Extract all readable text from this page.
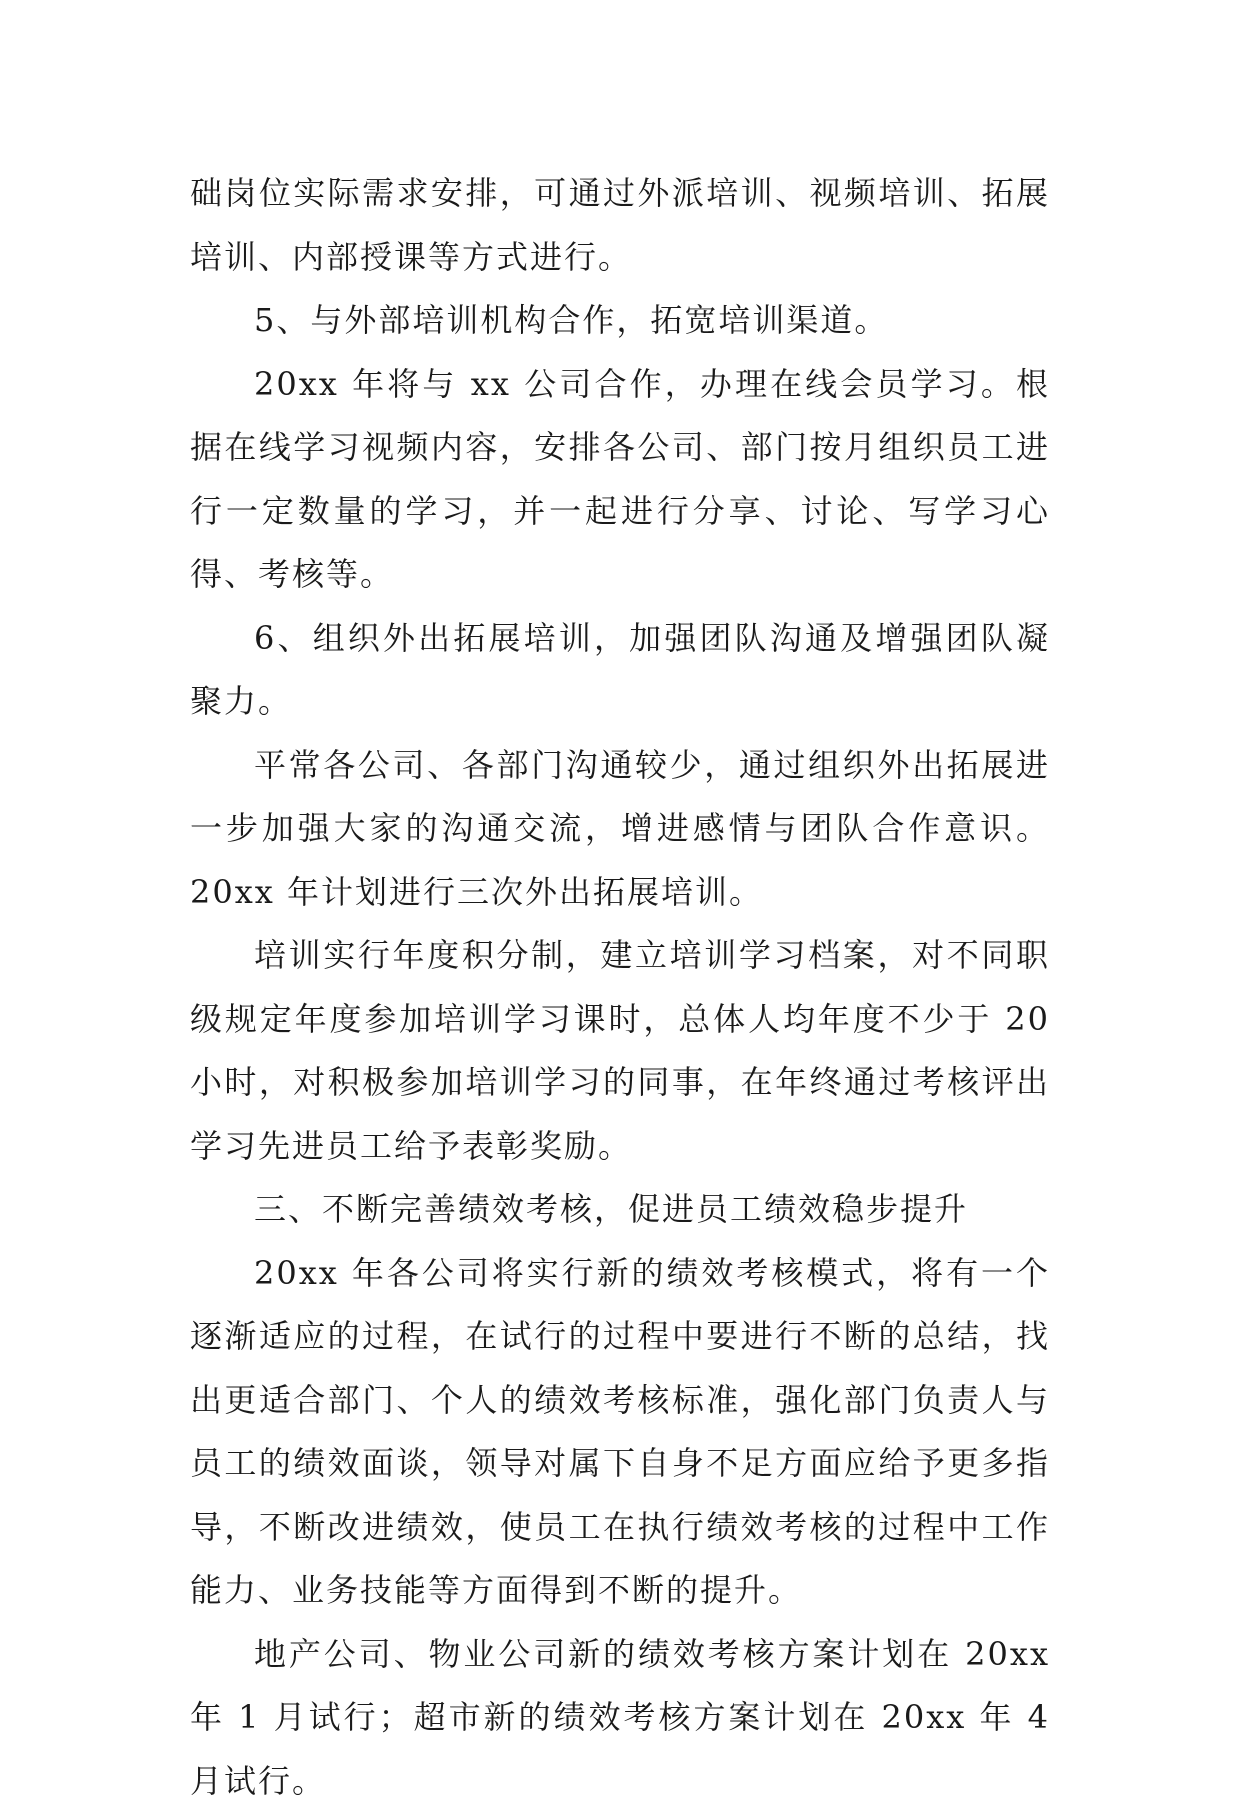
础岗位实际需求安排，可通过外派培训、视频培训、拓展培训、内部授课等方式进行。

5、与外部培训机构合作，拓宽培训渠道。

20xx 年将与 xx 公司合作，办理在线会员学习。根据在线学习视频内容，安排各公司、部门按月组织员工进行一定数量的学习，并一起进行分享、讨论、写学习心得、考核等。

6、组织外出拓展培训，加强团队沟通及增强团队凝聚力。

平常各公司、各部门沟通较少，通过组织外出拓展进一步加强大家的沟通交流，增进感情与团队合作意识。20xx 年计划进行三次外出拓展培训。

培训实行年度积分制，建立培训学习档案，对不同职级规定年度参加培训学习课时，总体人均年度不少于 20 小时，对积极参加培训学习的同事，在年终通过考核评出学习先进员工给予表彰奖励。

三、不断完善绩效考核，促进员工绩效稳步提升

20xx 年各公司将实行新的绩效考核模式，将有一个逐渐适应的过程，在试行的过程中要进行不断的总结，找出更适合部门、个人的绩效考核标准，强化部门负责人与员工的绩效面谈，领导对属下自身不足方面应给予更多指导，不断改进绩效，使员工在执行绩效考核的过程中工作能力、业务技能等方面得到不断的提升。

地产公司、物业公司新的绩效考核方案计划在 20xx 年 1 月试行；超市新的绩效考核方案计划在 20xx 年 4 月试行。
